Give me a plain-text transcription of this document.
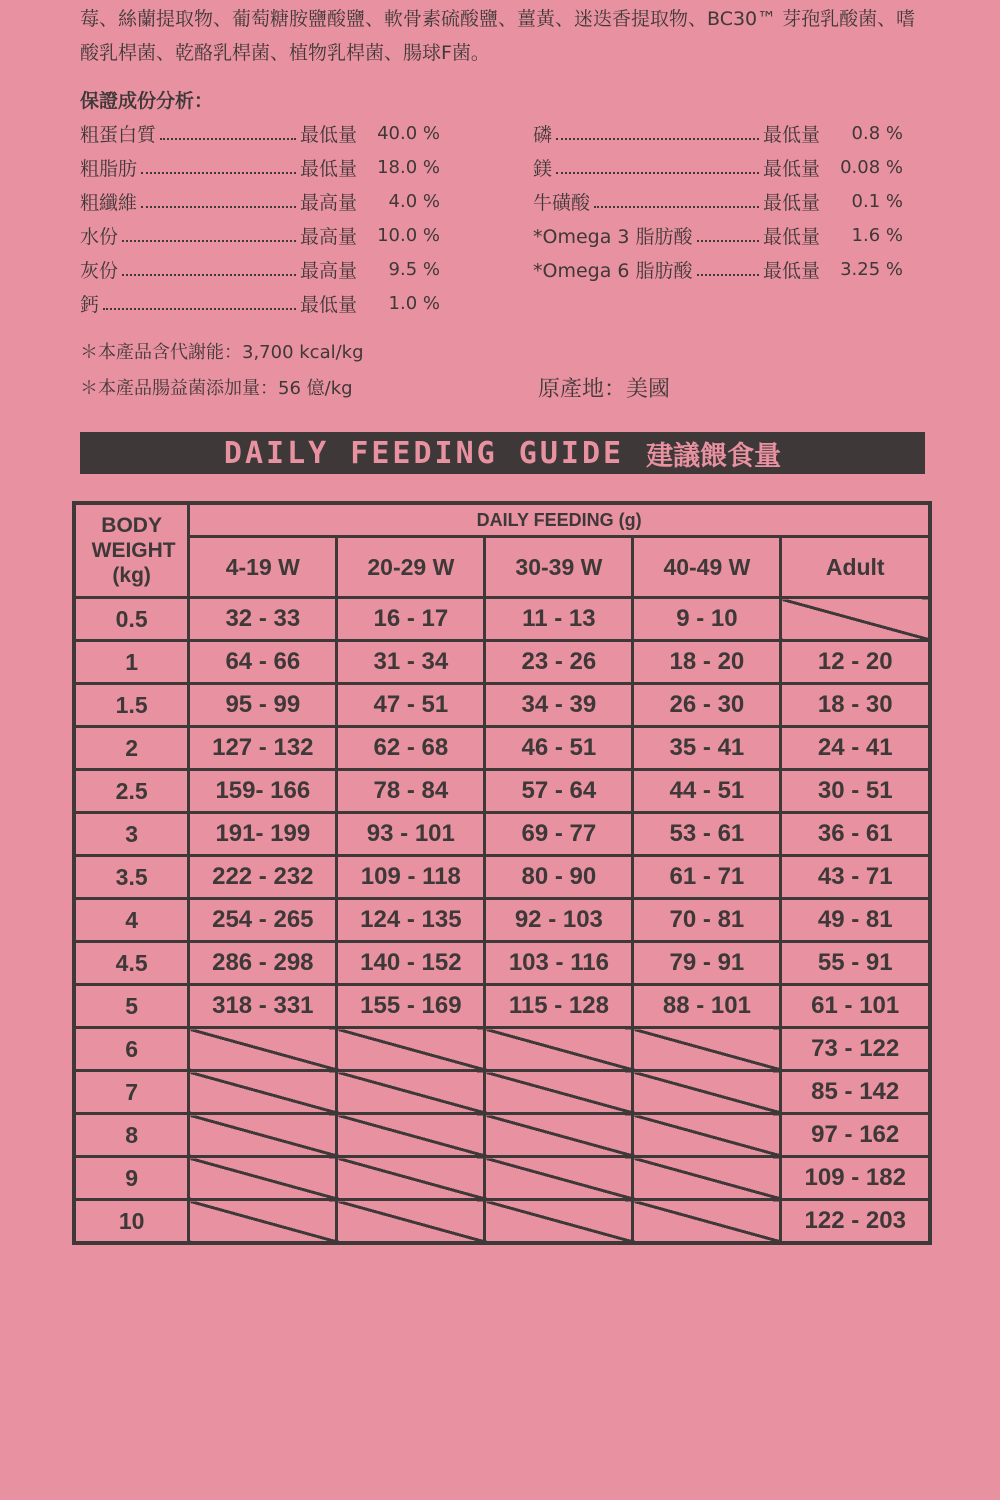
莓、絲蘭提取物、葡萄糖胺鹽酸鹽、軟骨素硫酸鹽、薑黃、迷迭香提取物、BC30™ 芽孢乳酸菌、嗜酸乳桿菌、乾酪乳桿菌、植物乳桿菌、腸球F菌。
保證成份分析：
粗蛋白質	最低量	40.0 %
粗脂肪	最低量	18.0 %
粗纖維	最高量	4.0 %
水份	最高量	10.0 %
灰份	最高量	9.5 %
鈣	最低量	1.0 %
磷	最低量	0.8 %
鎂	最低量	0.08 %
牛磺酸	最低量	0.1 %
*Omega 3 脂肪酸	最低量	1.6 %
*Omega 6 脂肪酸	最低量	3.25 %
＊本產品含代謝能：3,700 kcal/kg
＊本產品腸益菌添加量：56 億/kg	原產地：美國
DAILY FEEDING GUIDE 建議餵食量
BODY WEIGHT (kg)	DAILY FEEDING (g)				
	4-19 W	20-29 W	30-39 W	40-49 W	Adult
0.5	32 - 33	16 - 17	11 - 13	9 - 10	
1	64 - 66	31 - 34	23 - 26	18 - 20	12 - 20
1.5	95 - 99	47 - 51	34 - 39	26 - 30	18 - 30
2	127 - 132	62 - 68	46 - 51	35 - 41	24 - 41
2.5	159- 166	78 - 84	57 - 64	44 - 51	30 - 51
3	191- 199	93 - 101	69 - 77	53 - 61	36 - 61
3.5	222 - 232	109 - 118	80 - 90	61 - 71	43 - 71
4	254 - 265	124 - 135	92 - 103	70 - 81	49 - 81
4.5	286 - 298	140 - 152	103 - 116	79 - 91	55 - 91
5	318 - 331	155 - 169	115 - 128	88 - 101	61 - 101
6					73 - 122
7					85 - 142
8					97 - 162
9					109 - 182
10					122 - 203
